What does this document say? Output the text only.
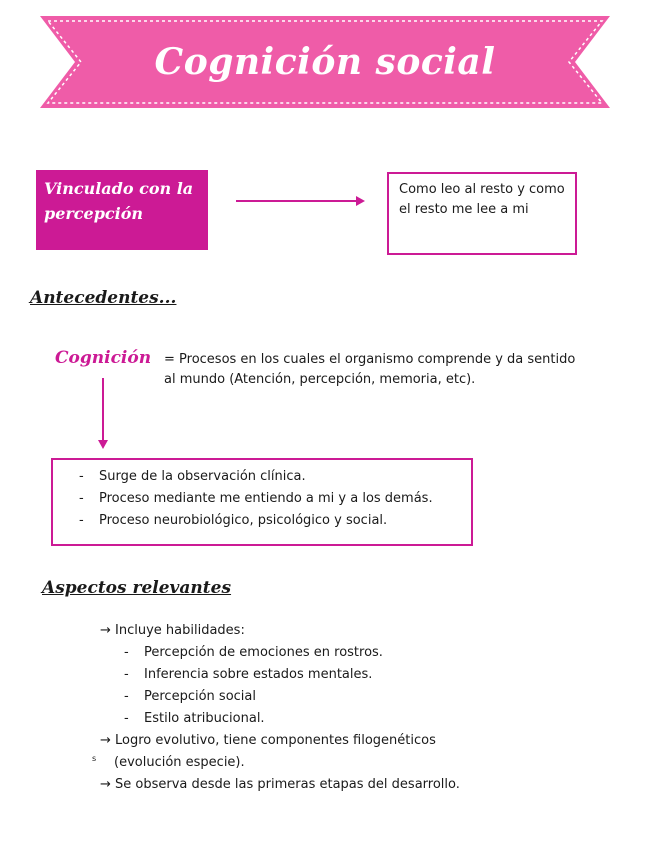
Cognición social
Vinculado con la percepción
Como leo al resto y como el resto me lee a mi
Antecedentes...
Cognición = Procesos en los cuales el organismo comprende y da sentido al mundo (Atención, percepción, memoria, etc).
- Surge de la observación clínica.
- Proceso mediante me entiendo a mi y a los demás.
- Proceso neurobiológico, psicológico y social.
Aspectos relevantes
→ Incluye habilidades:
- Percepción de emociones en rostros.
- Inferencia sobre estados mentales.
- Percepción social
- Estilo atribucional.
→ Logro evolutivo, tiene componentes filogenéticos
(evolución especie).
→ Se observa desde las primeras etapas del desarrollo.
s
